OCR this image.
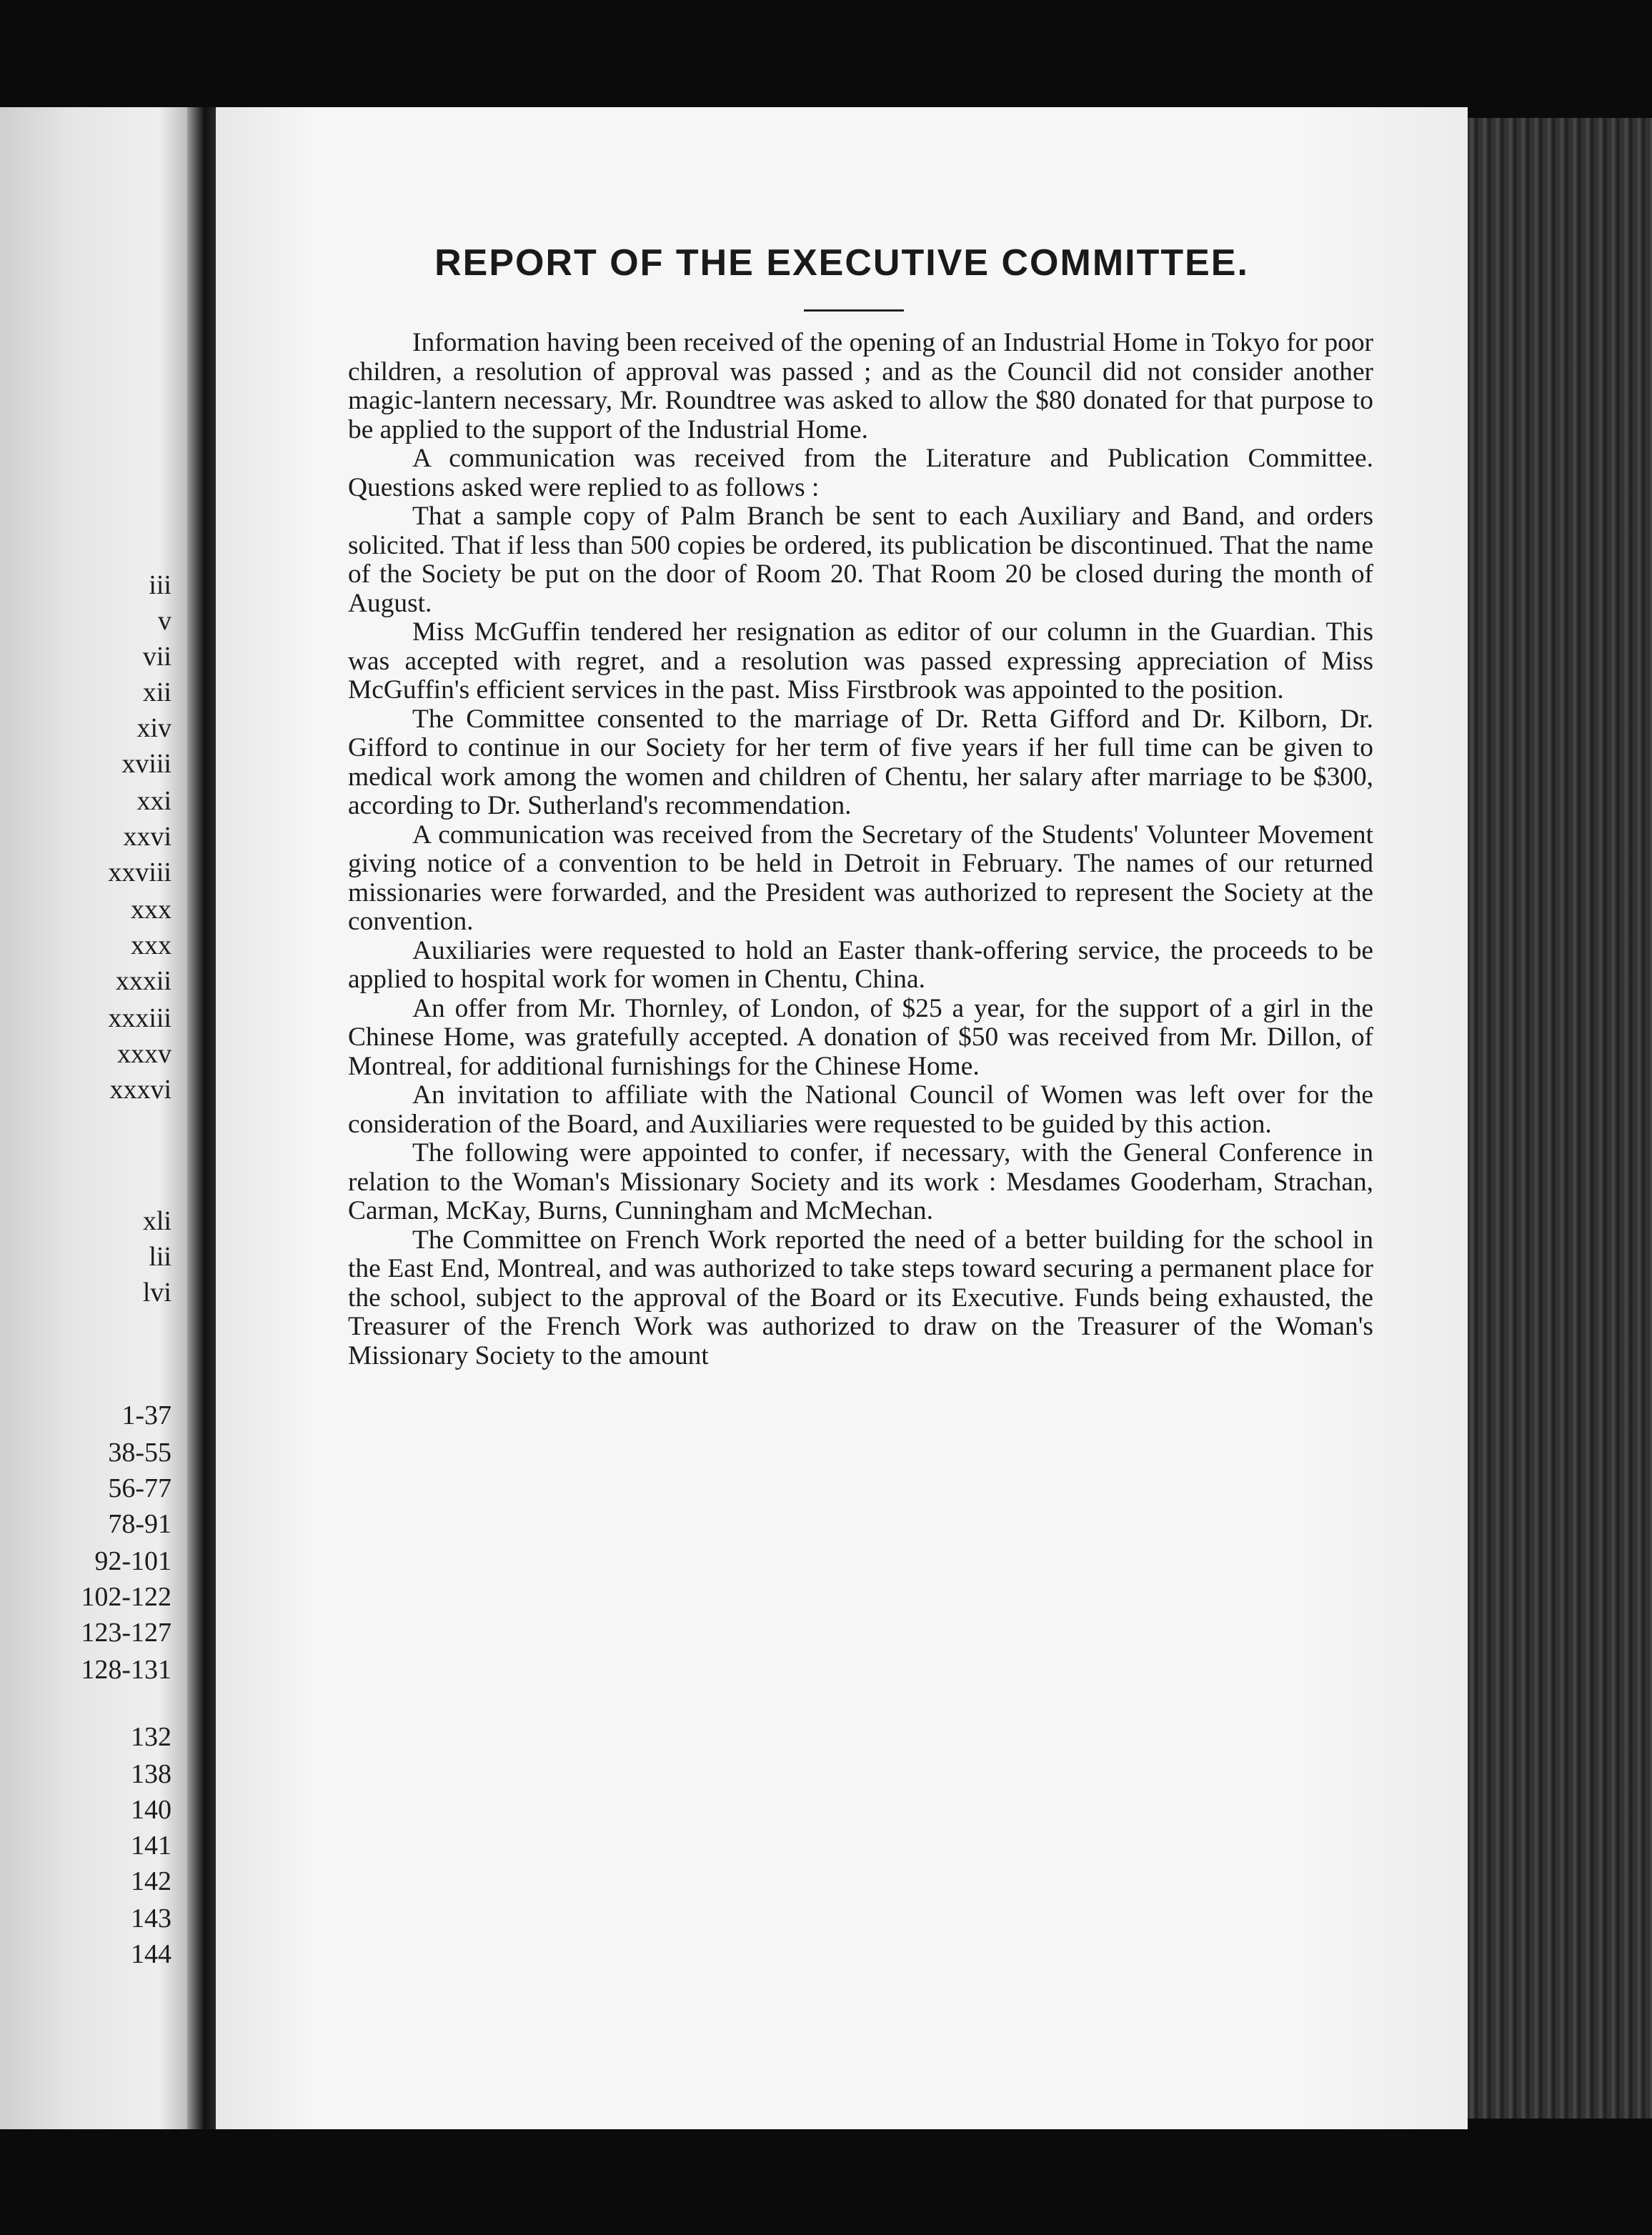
iii
v
vii
xii
xiv
xviii
xxi
xxvi
xxviii
xxx
xxx
xxxii
xxxiii
xxxv
xxxvi
xli
lii
lvi
1-37
38-55
56-77
78-91
92-101
102-122
123-127
128-131
132
138
140
141
142
143
144
REPORT OF THE EXECUTIVE COMMITTEE.

Information having been received of the opening of an Industrial Home in Tokyo for poor children, a resolution of approval was passed ; and as the Council did not consider another magic-lantern necessary, Mr. Roundtree was asked to allow the $80 donated for that purpose to be applied to the support of the Industrial Home.

A communication was received from the Literature and Publication Committee. Questions asked were replied to as follows :

That a sample copy of Palm Branch be sent to each Auxiliary and Band, and orders solicited. That if less than 500 copies be ordered, its publication be discontinued. That the name of the Society be put on the door of Room 20. That Room 20 be closed during the month of August.

Miss McGuffin tendered her resignation as editor of our column in the Guardian. This was accepted with regret, and a resolution was passed expressing appreciation of Miss McGuffin's efficient services in the past. Miss Firstbrook was appointed to the position.

The Committee consented to the marriage of Dr. Retta Gifford and Dr. Kilborn, Dr. Gifford to continue in our Society for her term of five years if her full time can be given to medical work among the women and children of Chentu, her salary after marriage to be $300, according to Dr. Sutherland's recommendation.

A communication was received from the Secretary of the Students' Volunteer Movement giving notice of a convention to be held in Detroit in February. The names of our returned missionaries were forwarded, and the President was authorized to represent the Society at the convention.

Auxiliaries were requested to hold an Easter thank-offering service, the proceeds to be applied to hospital work for women in Chentu, China.

An offer from Mr. Thornley, of London, of $25 a year, for the support of a girl in the Chinese Home, was gratefully accepted. A donation of $50 was received from Mr. Dillon, of Montreal, for additional furnishings for the Chinese Home.

An invitation to affiliate with the National Council of Women was left over for the consideration of the Board, and Auxiliaries were requested to be guided by this action.

The following were appointed to confer, if necessary, with the General Conference in relation to the Woman's Missionary Society and its work : Mesdames Gooderham, Strachan, Carman, McKay, Burns, Cunningham and McMechan.

The Committee on French Work reported the need of a better building for the school in the East End, Montreal, and was authorized to take steps toward securing a permanent place for the school, subject to the approval of the Board or its Executive. Funds being exhausted, the Treasurer of the French Work was authorized to draw on the Treasurer of the Woman's Missionary Society to the amount
